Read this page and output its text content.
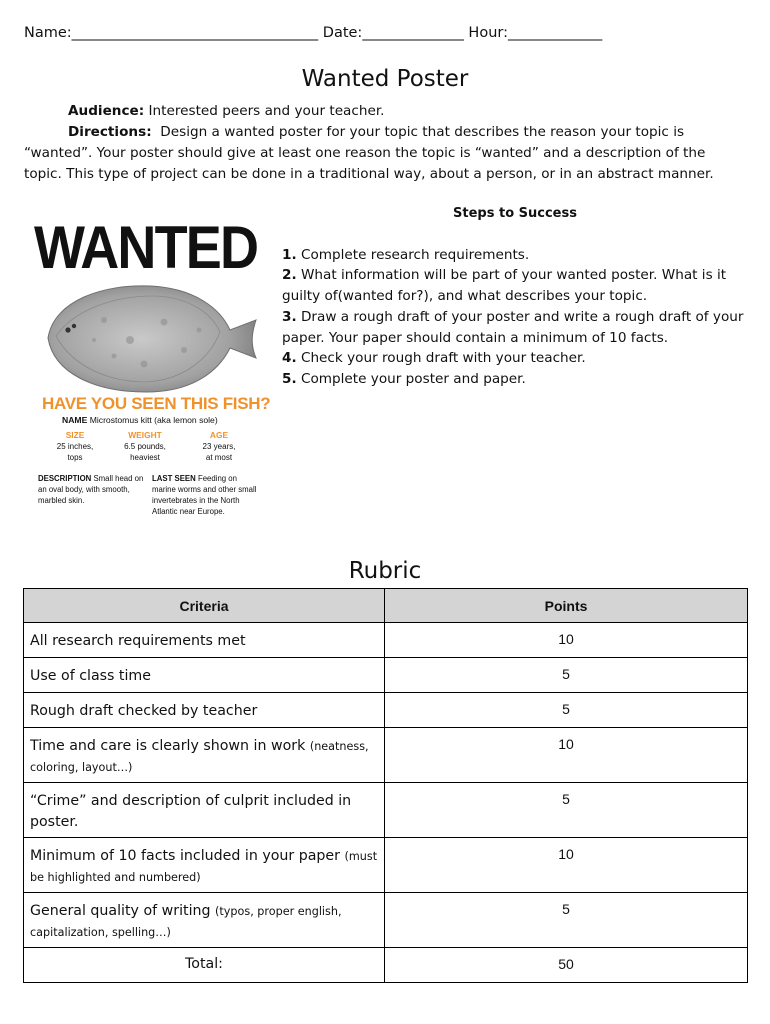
Name:__________________________________ Date:______________ Hour:_____________
Wanted Poster
Audience: Interested peers and your teacher.
Directions: Design a wanted poster for your topic that describes the reason your topic is “wanted”. Your poster should give at least one reason the topic is “wanted” and a description of the topic. This type of project can be done in a traditional way, about a person, or in an abstract manner.
WANTED
HAVE YOU SEEN THIS FISH?
NAME Microstomus kitt (aka lemon sole)
SIZE
25 inches, tops
WEIGHT
6.5 pounds, heaviest
AGE
23 years, at most
DESCRIPTION Small head on an oval body, with smooth, marbled skin.
LAST SEEN Feeding on marine worms and other small invertebrates in the North Atlantic near Europe.
Steps to Success
1. Complete research requirements.
2. What information will be part of your wanted poster. What is it guilty of(wanted for?), and what describes your topic.
3. Draw a rough draft of your poster and write a rough draft of your paper. Your paper should contain a minimum of 10 facts.
4. Check your rough draft with your teacher.
5. Complete your poster and paper.
Rubric
Criteria	Points
All research requirements met	10
Use of class time	5
Rough draft checked by teacher	5
Time and care is clearly shown in work (neatness, coloring, layout…)	10
“Crime” and description of culprit included in poster.	5
Minimum of 10 facts included in your paper (must be highlighted and numbered)	10
General quality of writing (typos, proper english, capitalization, spelling…)	5
Total:	50
